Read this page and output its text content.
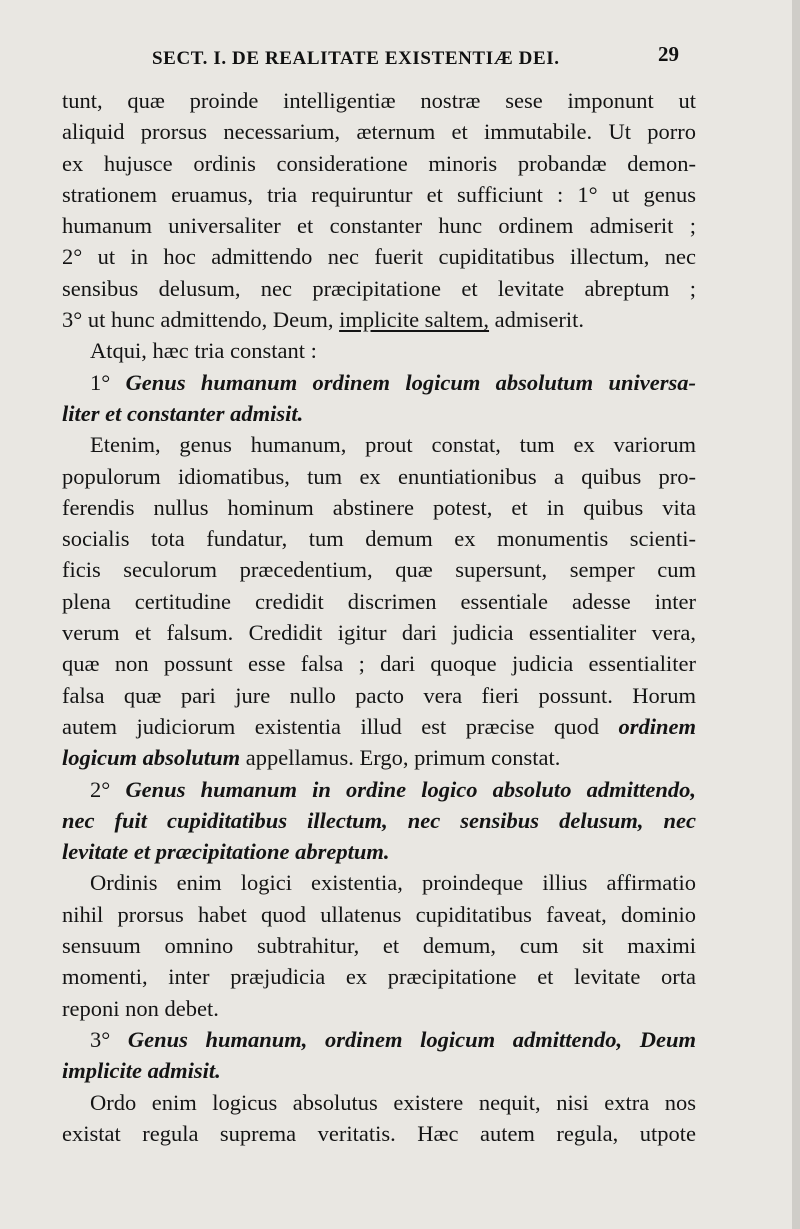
SECT. I. DE REALITATE EXISTENTIÆ DEI.	29
tunt, quæ proinde intelligentiæ nostræ sese imponunt ut
aliquid prorsus necessarium, æternum et immutabile. Ut porro
ex hujusce ordinis consideratione minoris probandæ demon-
strationem eruamus, tria requiruntur et sufficiunt : 1° ut genus
humanum universaliter et constanter hunc ordinem admiserit ;
2° ut in hoc admittendo nec fuerit cupiditatibus illectum, nec
sensibus delusum, nec præcipitatione et levitate abreptum ;
3° ut hunc admittendo, Deum, implicite saltem, admiserit.
Atqui, hæc tria constant :
1° Genus humanum ordinem logicum absolutum universa-
liter et constanter admisit.
Etenim, genus humanum, prout constat, tum ex variorum
populorum idiomatibus, tum ex enuntiationibus a quibus pro-
ferendis nullus hominum abstinere potest, et in quibus vita
socialis tota fundatur, tum demum ex monumentis scienti-
ficis seculorum præcedentium, quæ supersunt, semper cum
plena certitudine credidit discrimen essentiale adesse inter
verum et falsum. Credidit igitur dari judicia essentialiter vera,
quæ non possunt esse falsa ; dari quoque judicia essentialiter
falsa quæ pari jure nullo pacto vera fieri possunt. Horum
autem judiciorum existentia illud est præcise quod ordinem
logicum absolutum appellamus. Ergo, primum constat.
2° Genus humanum in ordine logico absoluto admittendo,
nec fuit cupiditatibus illectum, nec sensibus delusum, nec
levitate et præcipitatione abreptum.
Ordinis enim logici existentia, proindeque illius affirmatio
nihil prorsus habet quod ullatenus cupiditatibus faveat, dominio
sensuum omnino subtrahitur, et demum, cum sit maximi
momenti, inter præjudicia ex præcipitatione et levitate orta
reponi non debet.
3° Genus humanum, ordinem logicum admittendo, Deum
implicite admisit.
Ordo enim logicus absolutus existere nequit, nisi extra nos
existat regula suprema veritatis. Hæc autem regula, utpote
